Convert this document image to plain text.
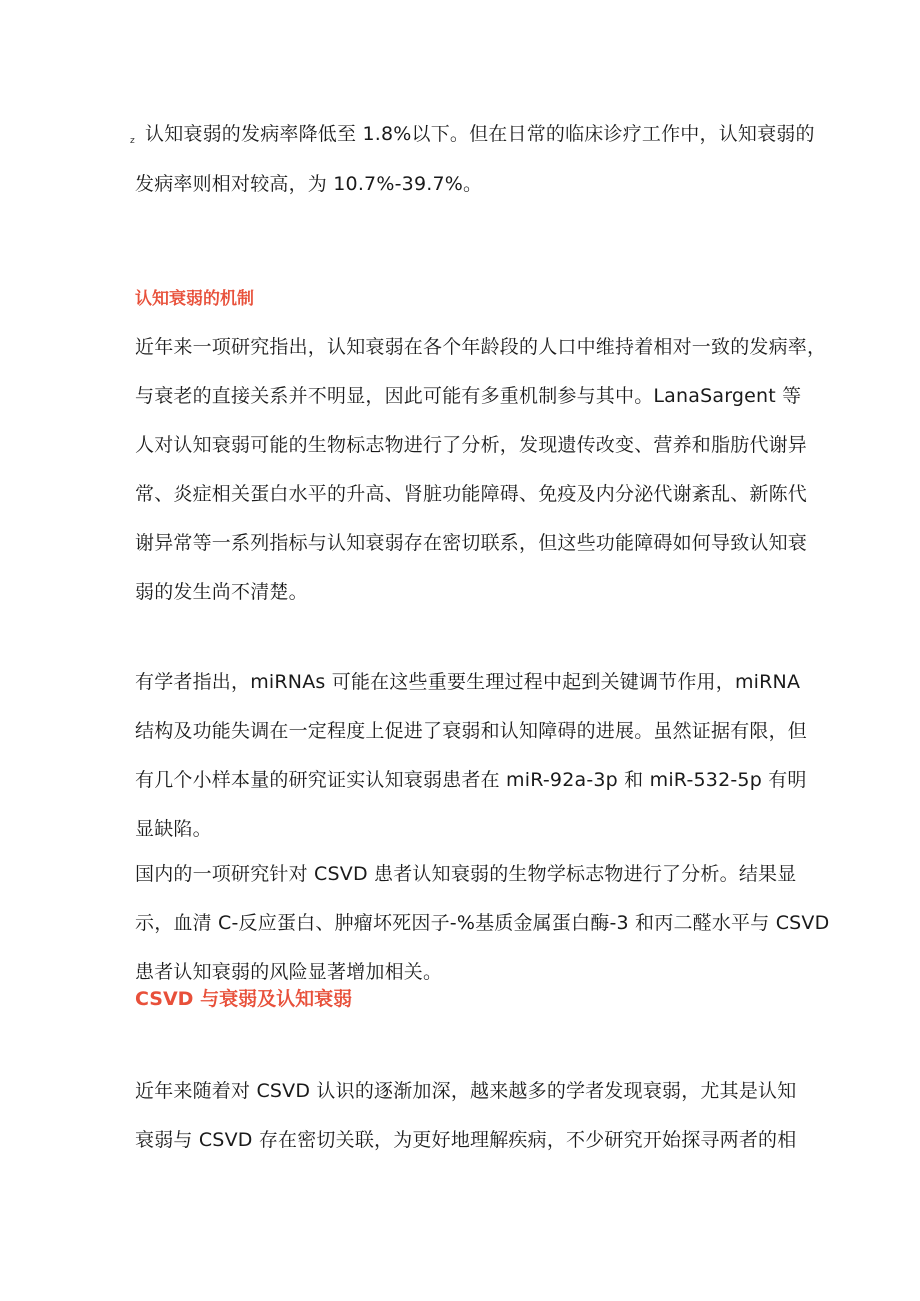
z 认知衰弱的发病率降低至 1.8%以下。但在日常的临床诊疗工作中，认知衰弱的
发病率则相对较高，为 10.7%-39.7%。
认知衰弱的机制
近年来一项研究指出，认知衰弱在各个年龄段的人口中维持着相对一致的发病率，
与衰老的直接关系并不明显，因此可能有多重机制参与其中。LanaSargent 等
人对认知衰弱可能的生物标志物进行了分析，发现遗传改变、营养和脂肪代谢异
常、炎症相关蛋白水平的升高、肾脏功能障碍、免疫及内分泌代谢紊乱、新陈代
谢异常等一系列指标与认知衰弱存在密切联系，但这些功能障碍如何导致认知衰
弱的发生尚不清楚。
有学者指出，miRNAs 可能在这些重要生理过程中起到关键调节作用，miRNA
结构及功能失调在一定程度上促进了衰弱和认知障碍的进展。虽然证据有限，但
有几个小样本量的研究证实认知衰弱患者在 miR-92a-3p 和 miR-532-5p 有明
显缺陷。
国内的一项研究针对 CSVD 患者认知衰弱的生物学标志物进行了分析。结果显
示，血清 C-反应蛋白、肿瘤坏死因子-%基质金属蛋白酶-3 和丙二醛水平与 CSVD
患者认知衰弱的风险显著增加相关。
CSVD 与衰弱及认知衰弱
近年来随着对 CSVD 认识的逐渐加深，越来越多的学者发现衰弱，尤其是认知
衰弱与 CSVD 存在密切关联，为更好地理解疾病，不少研究开始探寻两者的相
